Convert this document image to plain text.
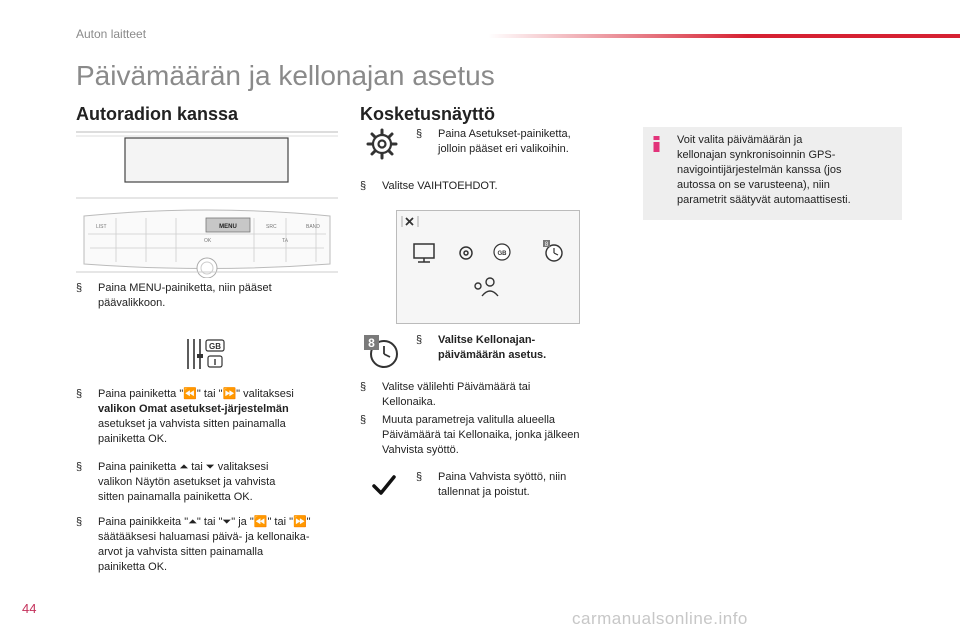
Auton laitteet
Päivämäärän ja kellonajan asetus
Autoradion kanssa
MENU
LIST	SRC	BAND
OK	TA
§ Paina MENU-painiketta, niin pääset
päävalikkoon.
GB
§ Paina painiketta "⏪" tai "⏩" valitaksesi
valikon Omat asetukset-järjestelmän
asetukset ja vahvista sitten painamalla
painiketta OK.
§ Paina painiketta ⏶ tai ⏷ valitaksesi
valikon Näytön asetukset ja vahvista
sitten painamalla painiketta OK.
§ Paina painikkeita "⏶" tai "⏷" ja "⏪" tai "⏩"
säätääksesi haluamasi päivä- ja kellonaika-
arvot ja vahvista sitten painamalla
painiketta OK.
Kosketusnäyttö
§ Paina Asetukset-painiketta,
jolloin pääset eri valikoihin.
§ Valitse VAIHTOEHDOT.
GB
8
8	§ Valitse Kellonajan-
päivämäärän asetus.
§ Valitse välilehti Päivämäärä tai
Kellonaika.
§ Muuta parametreja valitulla alueella
Päivämäärä tai Kellonaika, jonka jälkeen
Vahvista syöttö.
§ Paina Vahvista syöttö, niin
tallennat ja poistut.
Voit valita päivämäärän ja
kellonajan synkronisoinnin GPS-
navigointijärjestelmän kanssa (jos
autossa on se varusteena), niin
parametrit säätyvät automaattisesti.
44
carmanualsonline.info
